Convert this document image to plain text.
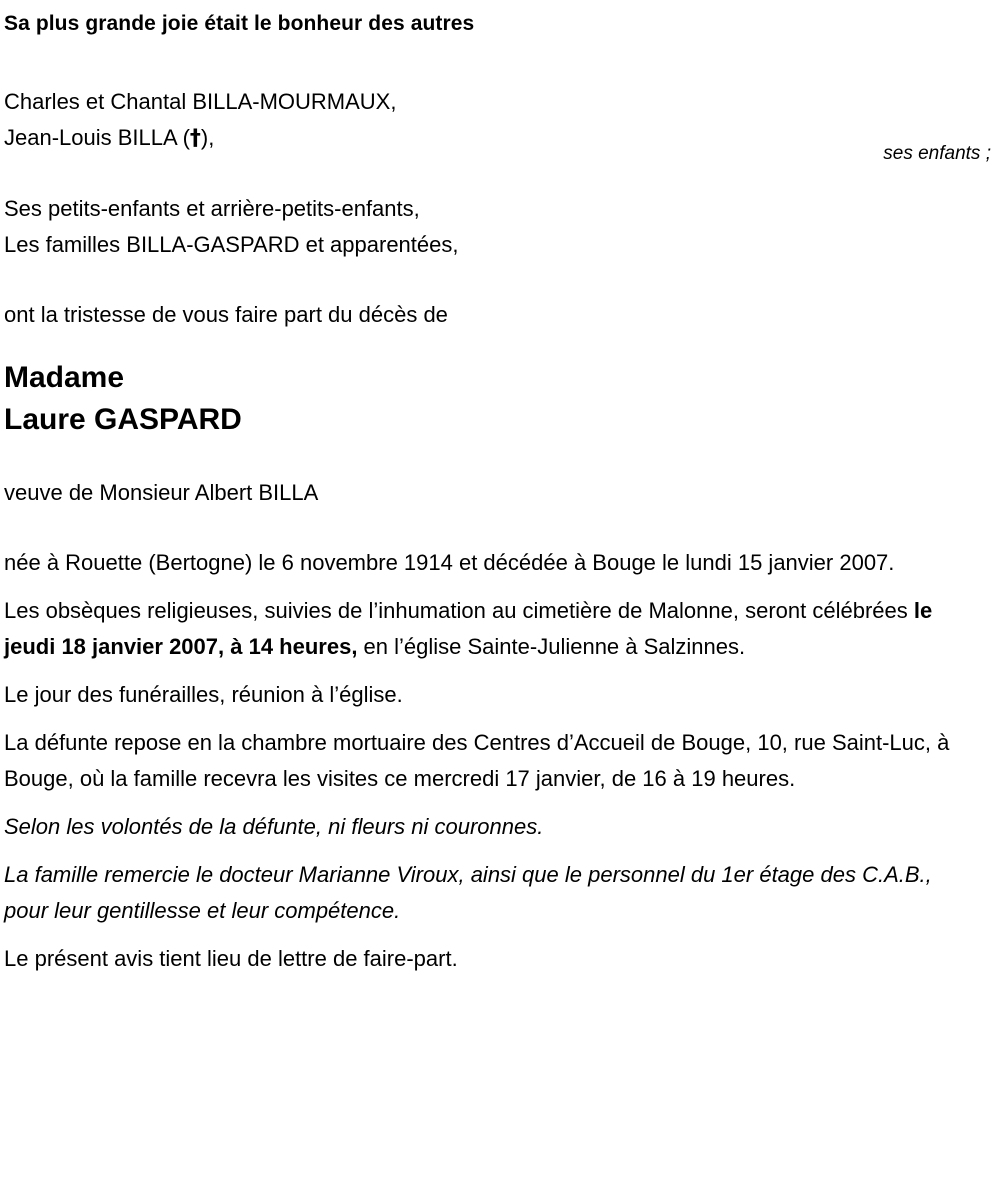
Sa plus grande joie était le bonheur des autres
Charles et Chantal BILLA-MOURMAUX,
Jean-Louis BILLA (†),
ses enfants ;
Ses petits-enfants et arrière-petits-enfants,
Les familles BILLA-GASPARD et apparentées,
ont la tristesse de vous faire part du décès de
Madame
Laure GASPARD
veuve de Monsieur Albert BILLA

née à Rouette (Bertogne) le 6 novembre 1914 et décédée à Bouge le lundi 15 janvier 2007.

Les obsèques religieuses, suivies de l’inhumation au cimetière de Malonne, seront célébrées le jeudi 18 janvier 2007, à 14 heures, en l’église Sainte-Julienne à Salzinnes.

Le jour des funérailles, réunion à l’église.

La défunte repose en la chambre mortuaire des Centres d’Accueil de Bouge, 10, rue Saint-Luc, à Bouge, où la famille recevra les visites ce mercredi 17 janvier, de 16 à 19 heures.

Selon les volontés de la défunte, ni fleurs ni couronnes.

La famille remercie le docteur Marianne Viroux, ainsi que le personnel du 1er étage des C.A.B., pour leur gentillesse et leur compétence.

Le présent avis tient lieu de lettre de faire-part.
